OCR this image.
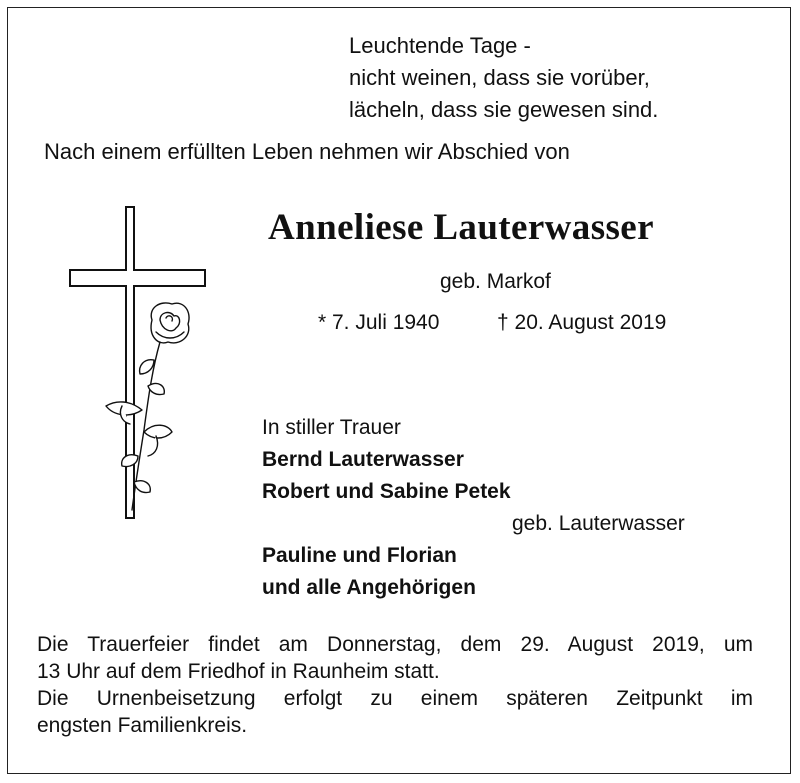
Leuchtende Tage -
nicht weinen, dass sie vorüber,
lächeln, dass sie gewesen sind.
Nach einem erfüllten Leben nehmen wir Abschied von
Anneliese Lauterwasser
geb. Markof
* 7. Juli 1940	† 20. August 2019
In stiller Trauer
Bernd Lauterwasser
Robert und Sabine Petek
geb. Lauterwasser
Pauline und Florian
und alle Angehörigen
Die Trauerfeier findet am Donnerstag, dem 29. August 2019, um
13 Uhr auf dem Friedhof in Raunheim statt.
Die Urnenbeisetzung erfolgt zu einem späteren Zeitpunkt im
engsten Familienkreis.
